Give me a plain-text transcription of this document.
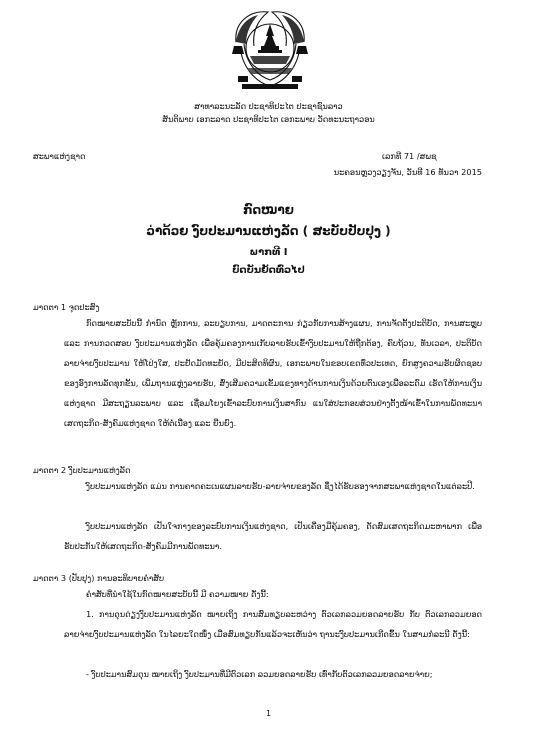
ສາທາລະນະລັດ ປະຊາທິປະໄຕ ປະຊາຊົນລາວ
ສັນຕິພາບ ເອກະລາດ ປະຊາທິປະໄຕ ເອກະພາບ ວັດທະນະຖາວອນ
ສະພາແຫ່ງຊາດ	ເລກທີ 71 /ສພຊ
ນະຄອນຫຼວງວຽງຈັນ, ວັນທີ 16 ທັນວາ 2015
ກົດໝາຍ
ວ່າດ້ວຍ ງົບປະມານແຫ່ງລັດ ( ສະບັບປັບປຸງ )
ພາກທີ I
ບົດບັນຍັດທົ່ວໄປ
ມາດຕາ 1 ຈຸດປະສົງ
ກົດໝາຍສະບັບນີ້ ກຳນົດ ຫຼັກການ, ລະບຽບການ, ມາດຕະການ ກ່ຽວກັບການສ້າງແຜນ, ການຈັດຕັ້ງປະຕິບັດ, ການສະຫຼຸບ ແລະ ການກວດສອບ ງົບປະມານແຫ່ງລັດ ເພື່ອຄຸ້ມຄອງການເກັບລາຍຮັບເຂົ້າງົບປະມານໃຫ້ຖືກຕ້ອງ, ຄົບຖ້ວນ, ທັນເວລາ, ປະຕິບັດລາຍຈ່າຍງົບປະມານ ໃຫ້ໂປ່ງໃສ, ປະຢັດມັດທະຍັດ, ມີປະສິດທິຜົນ, ເອກະພາບໃນຂອບເຂດທົ່ວປະເທດ, ຍົກສູງຄວາມຮັບຜິດຊອບຂອງອົງການລັດທຸກຂັ້ນ, ເພີ່ມຖານແຫຼ່ງລາຍຮັບ, ສົ່ງເສີມຄວາມເຂັ້ມແຂງທາງດ້ານການເງິນດ້ວຍຕົນເອງເພື່ອລະດົມ ເຮັດໃຫ້ການເງິນແຫ່ງຊາດ ມີສະຖຽນລະພາບ ແລະ ເຊື່ອມໂຍງເຂົ້າລະບົບການເງິນສາກົນ ແນໃສ່ປະກອບສ່ວນຢ່າງຕັ້ງໜ້າເຂົ້າໃນການພັດທະນາເສດຖະກິດ-ສັງຄົມແຫ່ງຊາດ ໃຫ້ຕໍ່ເນື່ອງ ແລະ ຍືນຍົງ.
ມາດຕາ 2 ງົບປະມານແຫ່ງລັດ
ງົບປະມານແຫ່ງລັດ ແມ່ນ ການຄາດຄະເນແຜນລາຍຮັບ-ລາຍຈ່າຍຂອງລັດ ຊຶ່ງໄດ້ຮັບຮອງຈາກສະພາແຫ່ງຊາດໃນແຕ່ລະປີ.
ງົບປະມານແຫ່ງລັດ ເປັນໃຈກາງຂອງລະບົບການເງິນແຫ່ງຊາດ, ເປັນເຄື່ອງມືຄຸ້ມຄອງ, ດັດສົມເສດຖະກິດມະຫາພາກ ເພື່ອຮັບປະກັນໃຫ້ເສດຖະກິດ-ສັງຄົມມີການພັດທະນາ.
ມາດຕາ 3 (ປັບປຸງ) ການອະທິບາຍຄຳສັບ
ຄຳສັບທີ່ນຳໃຊ້ໃນກົດໝາຍສະບັບນີ້ ມີ ຄວາມໝາຍ ດັ່ງນີ້:
1. ການດຸນດ່ຽງງົບປະມານແຫ່ງລັດ ໝາຍເຖິງ ການສົມທຽບລະຫວ່າງ ຕົວເລກລວມຍອດລາຍຮັບ ກັບ ຕົວເລກລວມຍອດລາຍຈ່າຍງົບປະມານແຫ່ງລັດ ໃນໄລຍະໃດໜຶ່ງ ເມື່ອສົມທຽບກັນແລ້ວຈະເຫັນວ່າ ຖານະງົບປະມານເກີດຂຶ້ນ ໃນສາມກໍລະນີ ດັ່ງນີ້:
- ງົບປະມານສົມດຸນ ໝາຍເຖິງ ງົບປະມານທີ່ມີຕົວເລກ ລວມຍອດລາຍຮັບ ເທົ່າກັບຕົວເລກລວມຍອດລາຍຈ່າຍ;
1
